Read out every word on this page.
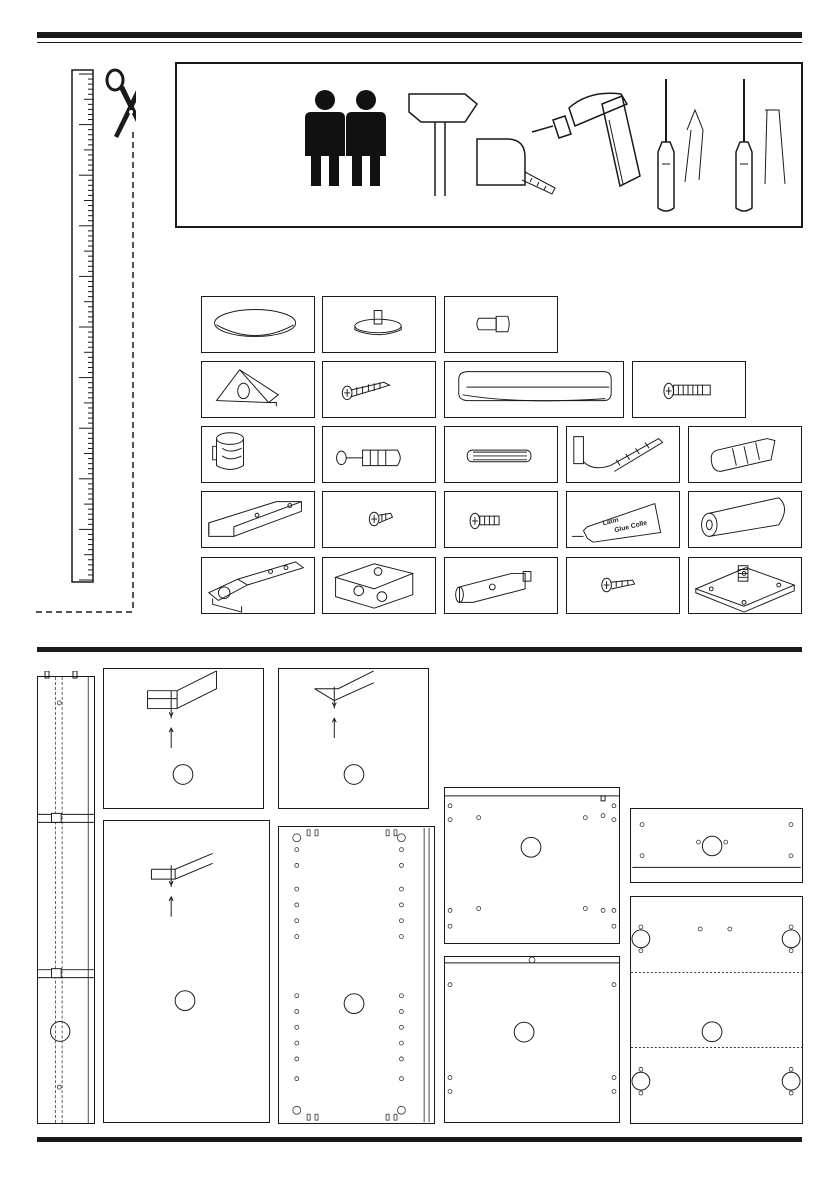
Latin
Glue Colle
